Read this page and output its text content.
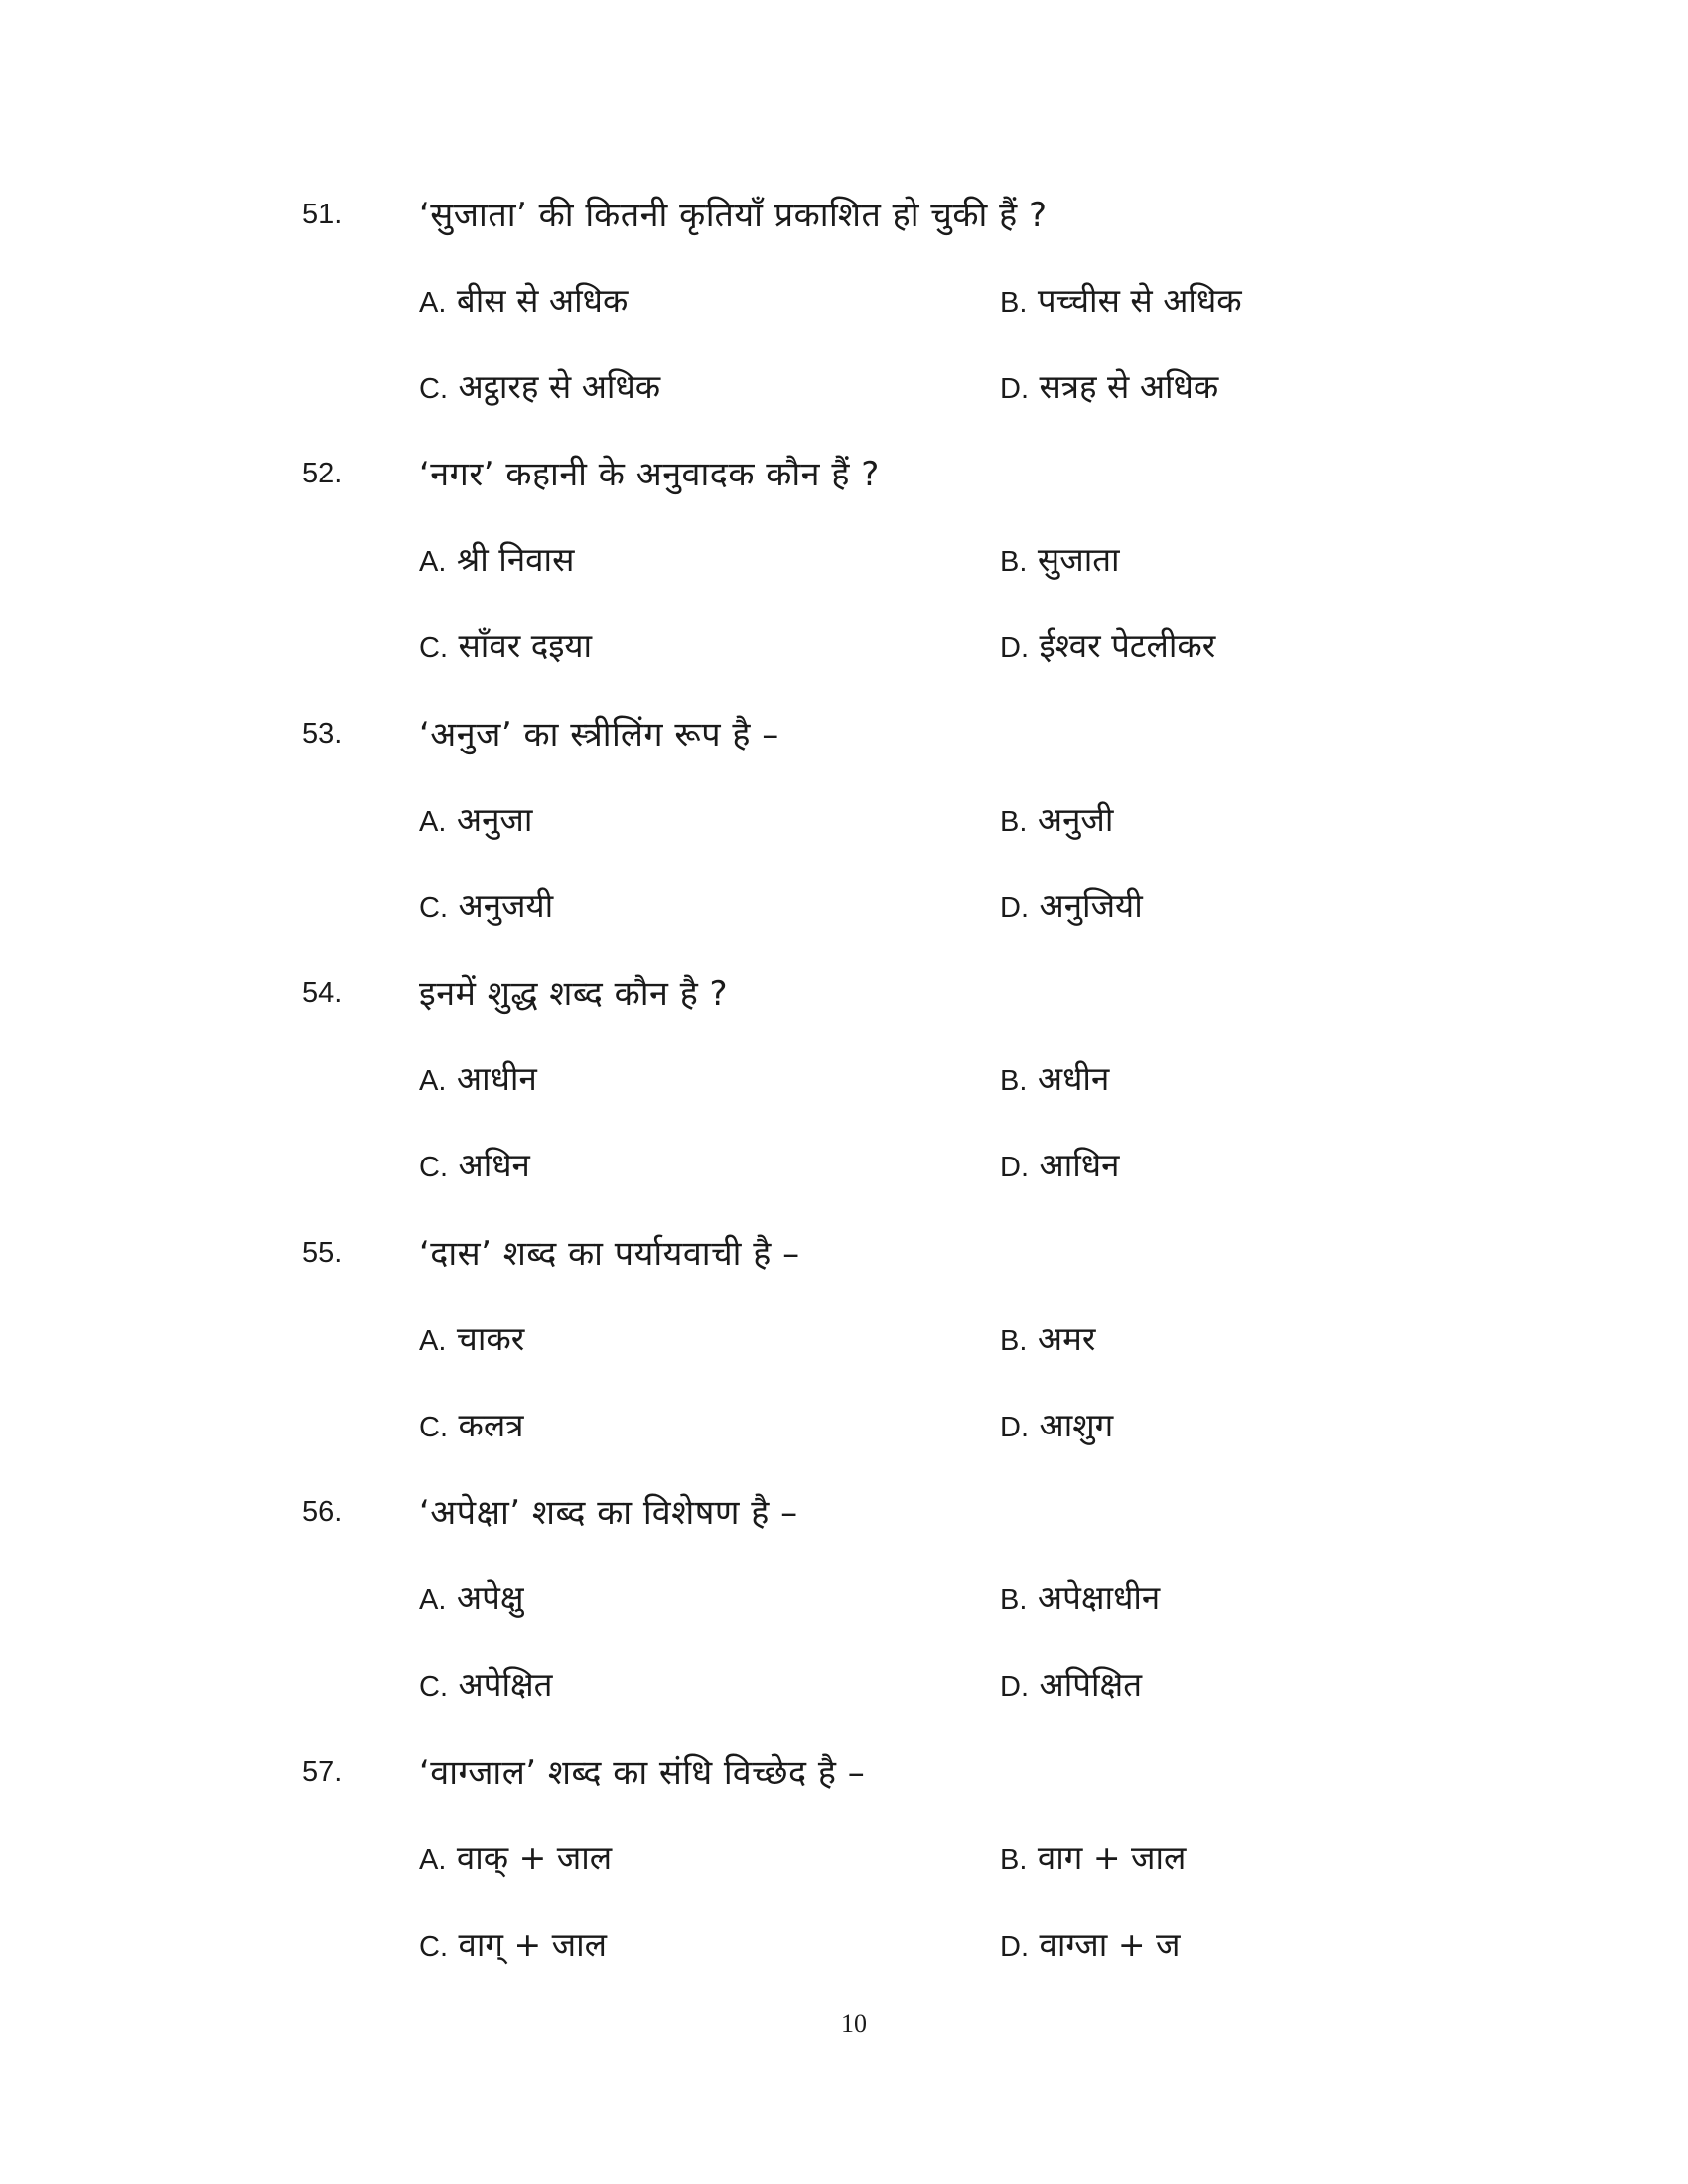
51. ‘सुजाता’ की कितनी कृतियाँ प्रकाशित हो चुकी हैं ?
A. बीस से अधिक	B. पच्चीस से अधिक
C. अट्ठारह से अधिक	D. सत्रह से अधिक
52. ‘नगर’ कहानी के अनुवादक कौन हैं ?
A. श्री निवास	B. सुजाता
C. साँवर दइया	D. ईश्वर पेटलीकर
53. ‘अनुज’ का स्त्रीलिंग रूप है –
A. अनुजा	B. अनुजी
C. अनुजयी	D. अनुजियी
54. इनमें शुद्ध शब्द कौन है ?
A. आधीन	B. अधीन
C. अधिन	D. आधिन
55. ‘दास’ शब्द का पर्यायवाची है –
A. चाकर	B. अमर
C. कलत्र	D. आशुग
56. ‘अपेक्षा’ शब्द का विशेषण है –
A. अपेक्षु	B. अपेक्षाधीन
C. अपेक्षित	D. अपिक्षित
57. ‘वाग्जाल’ शब्द का संधि विच्छेद है –
A. वाक् + जाल	B. वाग + जाल
C. वाग् + जाल	D. वाग्जा + ज
10
